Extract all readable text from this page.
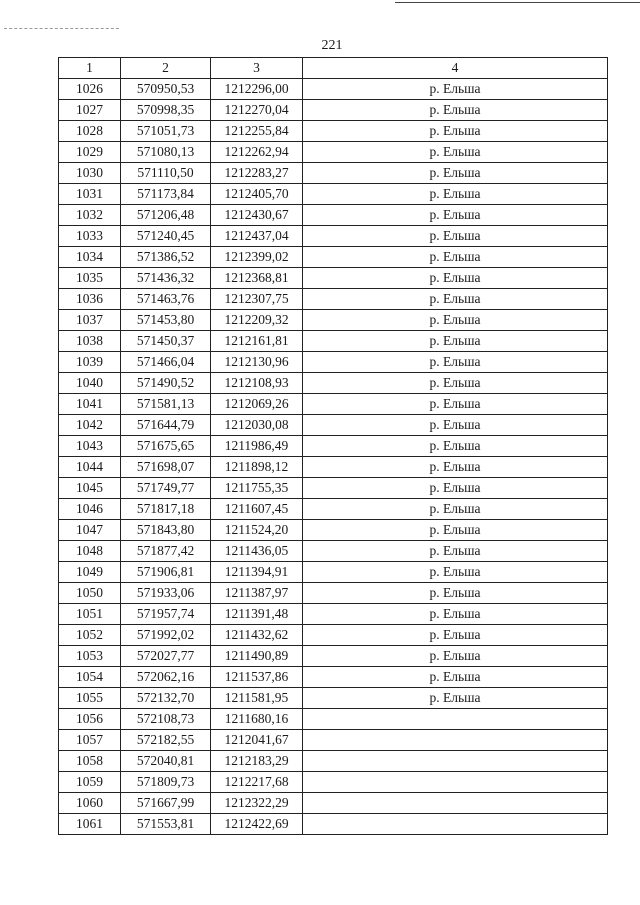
221
1	2	3	4
1026	570950,53	1212296,00	р. Ельша
1027	570998,35	1212270,04	р. Ельша
1028	571051,73	1212255,84	р. Ельша
1029	571080,13	1212262,94	р. Ельша
1030	571110,50	1212283,27	р. Ельша
1031	571173,84	1212405,70	р. Ельша
1032	571206,48	1212430,67	р. Ельша
1033	571240,45	1212437,04	р. Ельша
1034	571386,52	1212399,02	р. Ельша
1035	571436,32	1212368,81	р. Ельша
1036	571463,76	1212307,75	р. Ельша
1037	571453,80	1212209,32	р. Ельша
1038	571450,37	1212161,81	р. Ельша
1039	571466,04	1212130,96	р. Ельша
1040	571490,52	1212108,93	р. Ельша
1041	571581,13	1212069,26	р. Ельша
1042	571644,79	1212030,08	р. Ельша
1043	571675,65	1211986,49	р. Ельша
1044	571698,07	1211898,12	р. Ельша
1045	571749,77	1211755,35	р. Ельша
1046	571817,18	1211607,45	р. Ельша
1047	571843,80	1211524,20	р. Ельша
1048	571877,42	1211436,05	р. Ельша
1049	571906,81	1211394,91	р. Ельша
1050	571933,06	1211387,97	р. Ельша
1051	571957,74	1211391,48	р. Ельша
1052	571992,02	1211432,62	р. Ельша
1053	572027,77	1211490,89	р. Ельша
1054	572062,16	1211537,86	р. Ельша
1055	572132,70	1211581,95	р. Ельша
1056	572108,73	1211680,16	
1057	572182,55	1212041,67	
1058	572040,81	1212183,29	
1059	571809,73	1212217,68	
1060	571667,99	1212322,29	
1061	571553,81	1212422,69	
